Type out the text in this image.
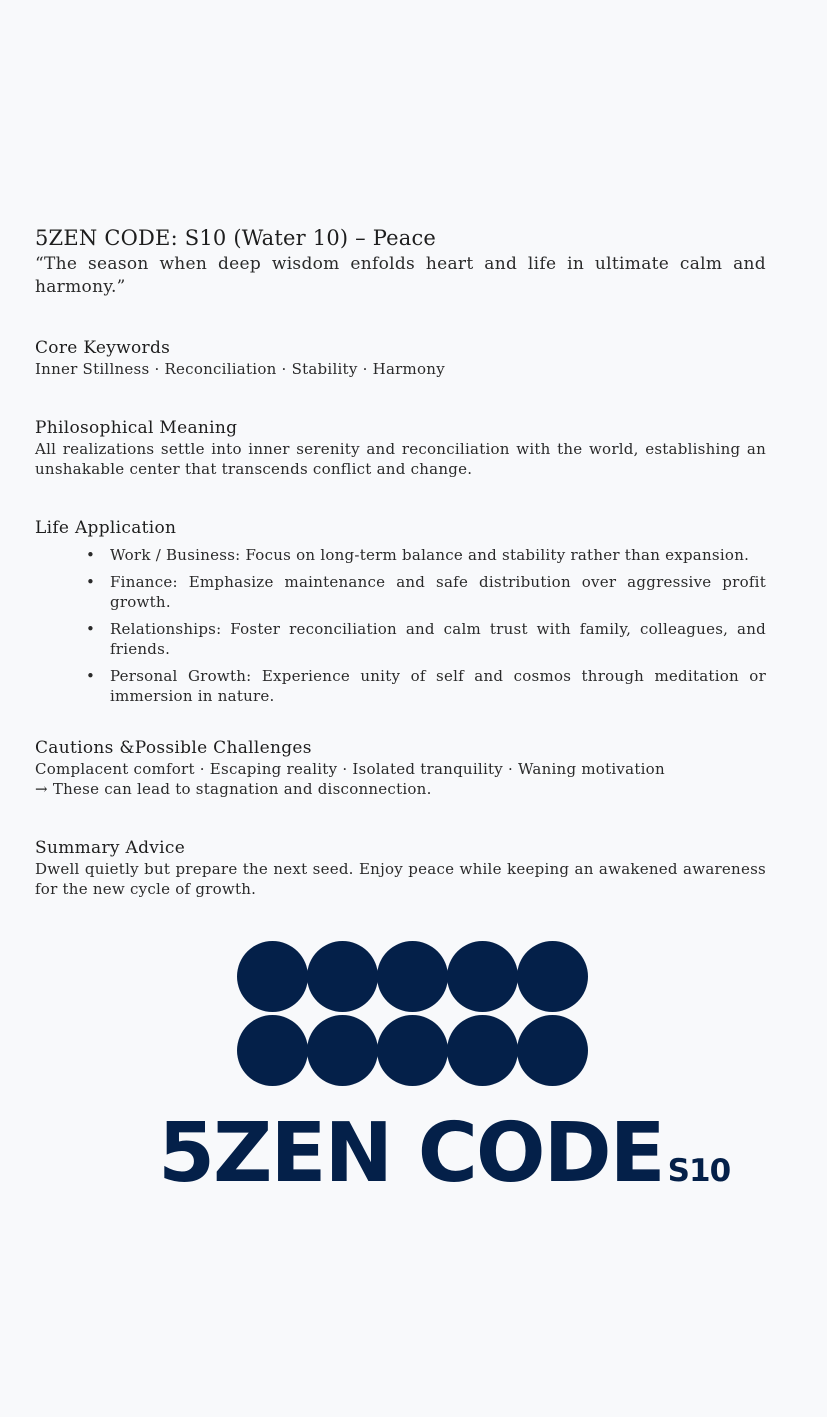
5ZEN CODE: S10 (Water 10) – Peace

“The season when deep wisdom enfolds heart and life in ultimate calm and harmony.”

Core Keywords

Inner Stillness · Reconciliation · Stability · Harmony

Philosophical Meaning

All realizations settle into inner serenity and reconciliation with the world, establishing an unshakable center that transcends conflict and change.

Life Application
• Work / Business: Focus on long-term balance and stability rather than expansion.
• Finance: Emphasize maintenance and safe distribution over aggressive profit growth.
• Relationships: Foster reconciliation and calm trust with family, colleagues, and friends.
• Personal Growth: Experience unity of self and cosmos through meditation or immersion in nature.
Cautions &Possible Challenges

Complacent comfort · Escaping reality · Isolated tranquility · Waning motivation

→ These can lead to stagnation and disconnection.

Summary Advice

Dwell quietly but prepare the next seed. Enjoy peace while keeping an awakened awareness for the new cycle of growth.

5ZEN CODE S10
